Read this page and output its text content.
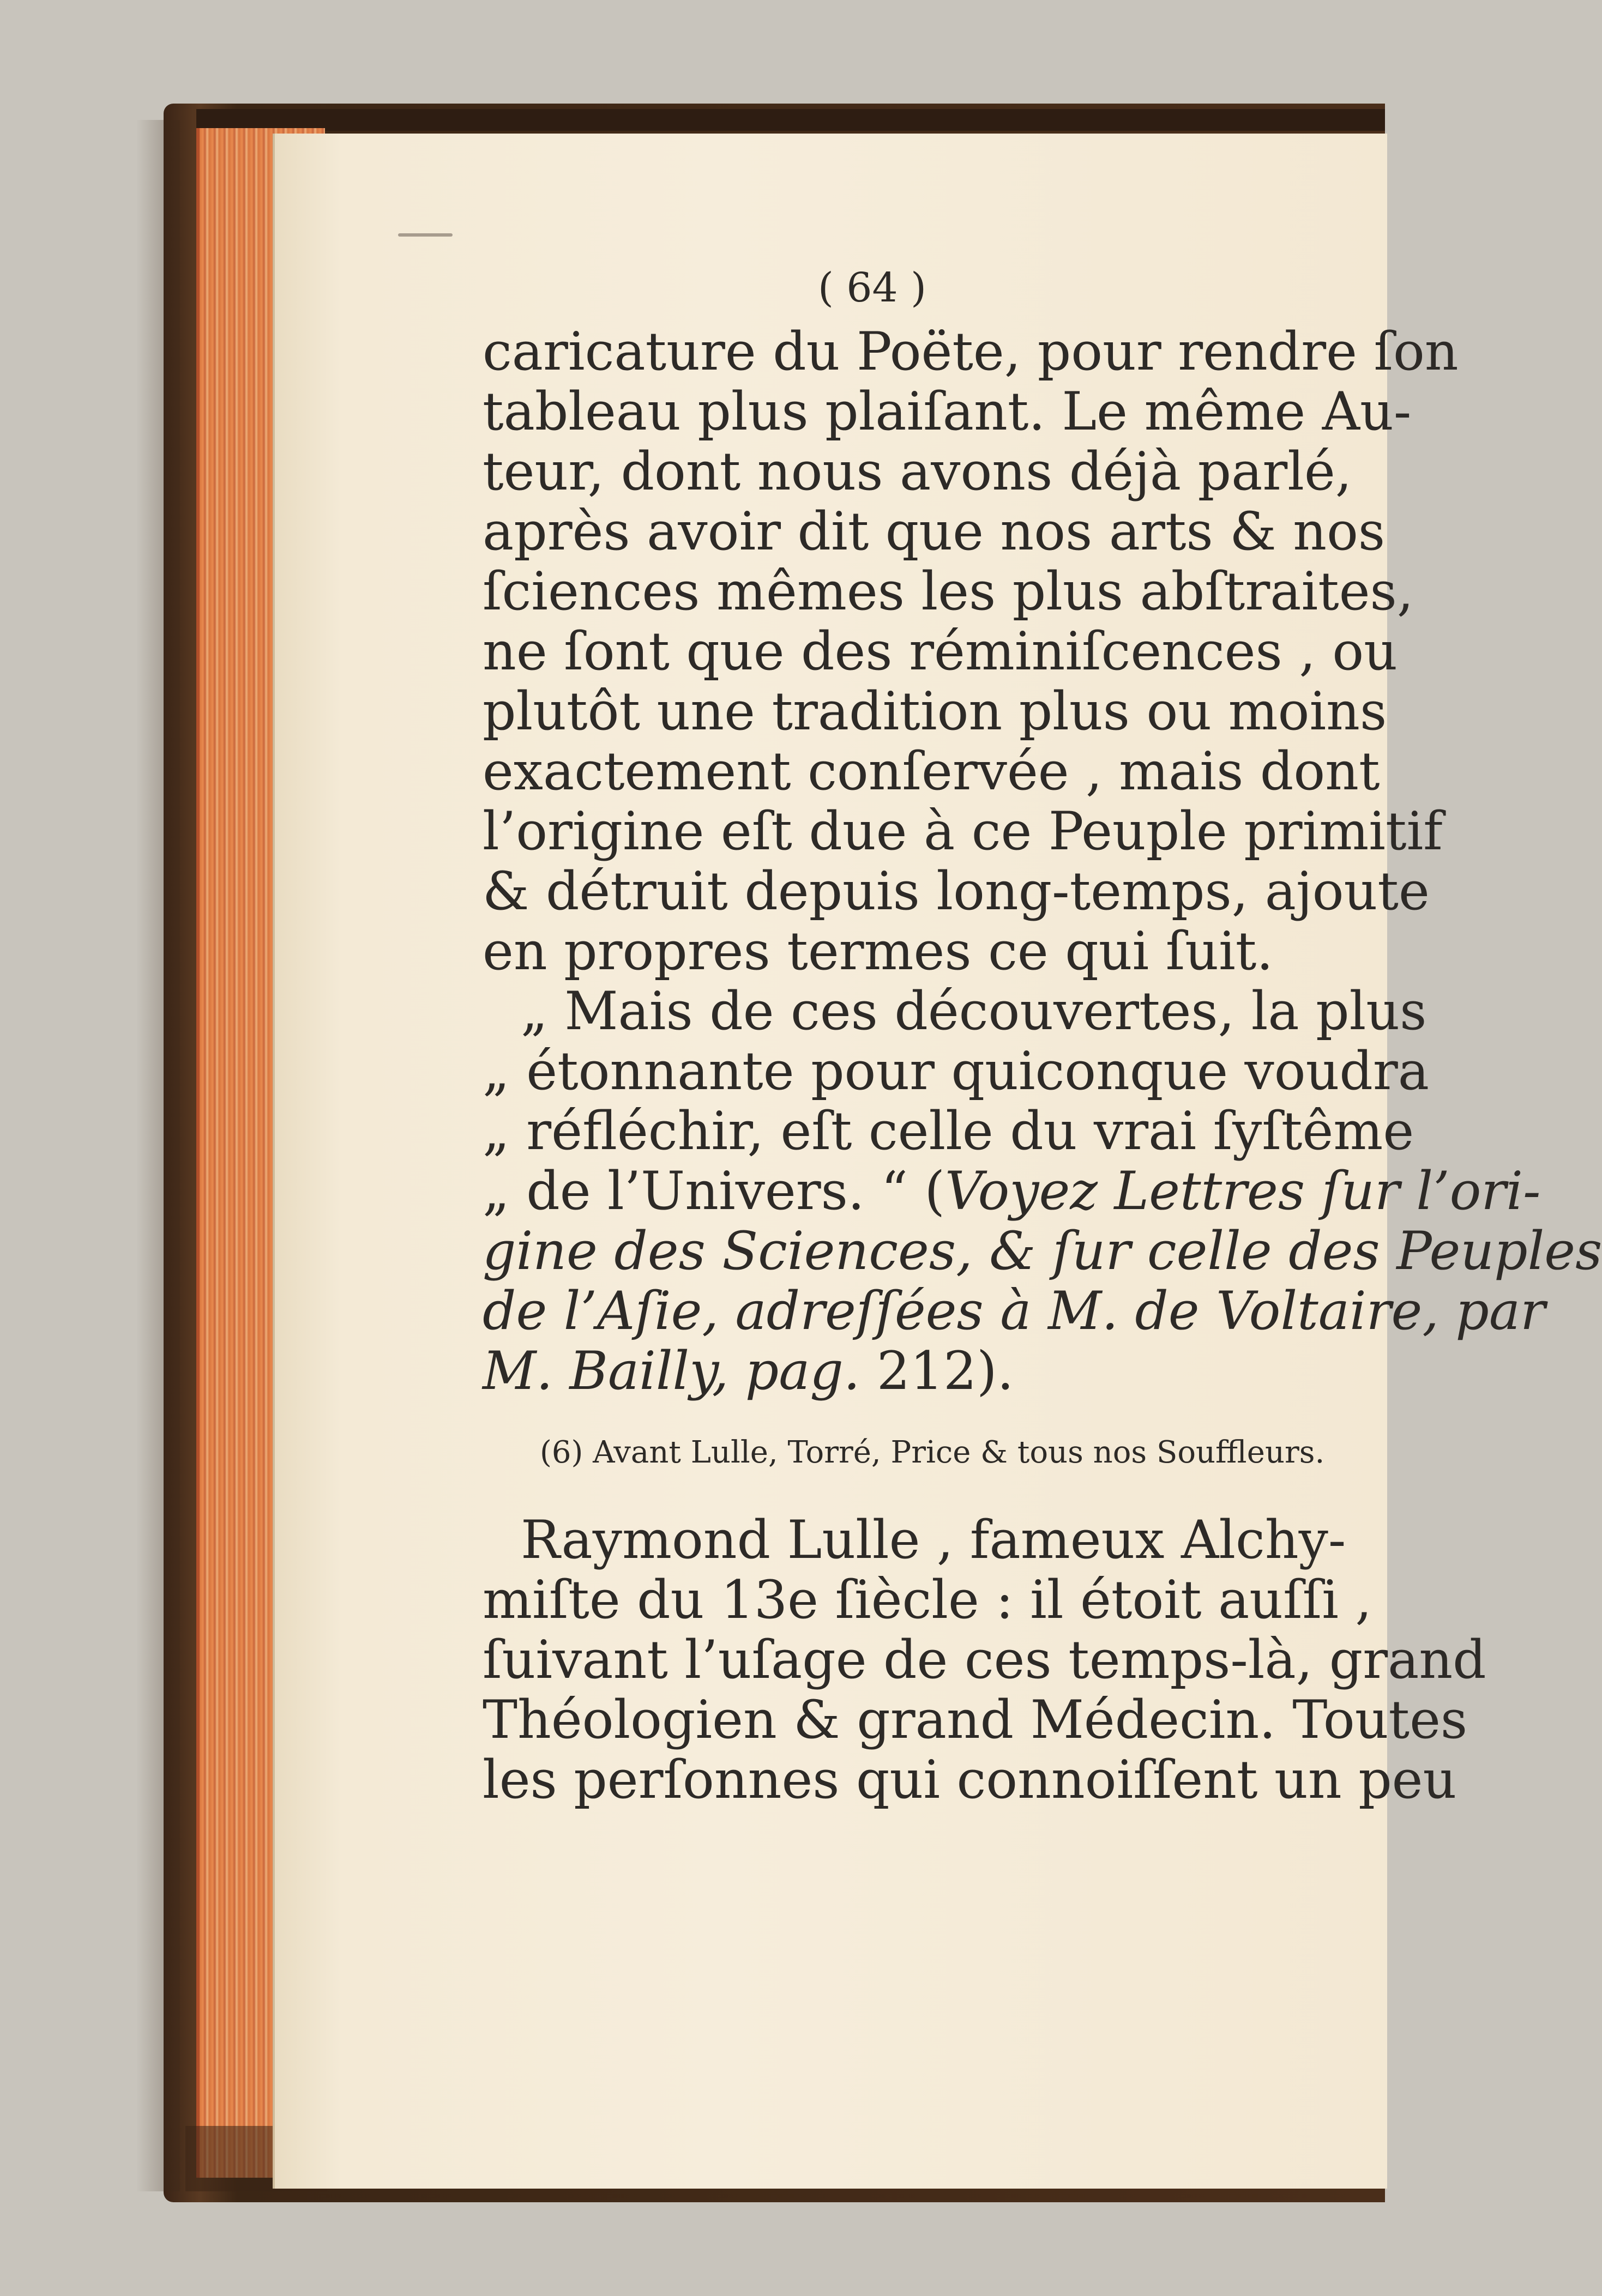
( 64 )
caricature du Poëte, pour rendre ſon
tableau plus plaiſant. Le même Au-
teur, dont nous avons déjà parlé,
après avoir dit que nos arts & nos
ſciences mêmes les plus abſtraites,
ne ſont que des réminiſcences , ou
plutôt une tradition plus ou moins
exactement conſervée , mais dont
l’origine eſt due à ce Peuple primitif
& détruit depuis long-temps, ajoute
en propres termes ce qui ſuit.
„ Mais de ces découvertes, la plus
„ étonnante pour quiconque voudra
„ réfléchir, eſt celle du vrai ſyſtême
„ de l’Univers. “ (Voyez Lettres ſur l’ori-
gine des Sciences, & ſur celle des Peuples
de l’Aſie, adreſſées à M. de Voltaire, par
M. Bailly, pag. 212).
(6) Avant Lulle, Torré, Price & tous nos Souffleurs.
Raymond Lulle , fameux Alchy-
miſte du 13e ſiècle : il étoit auſſi ,
ſuivant l’uſage de ces temps-là, grand
Théologien & grand Médecin. Toutes
les perſonnes qui connoiſſent un peu
